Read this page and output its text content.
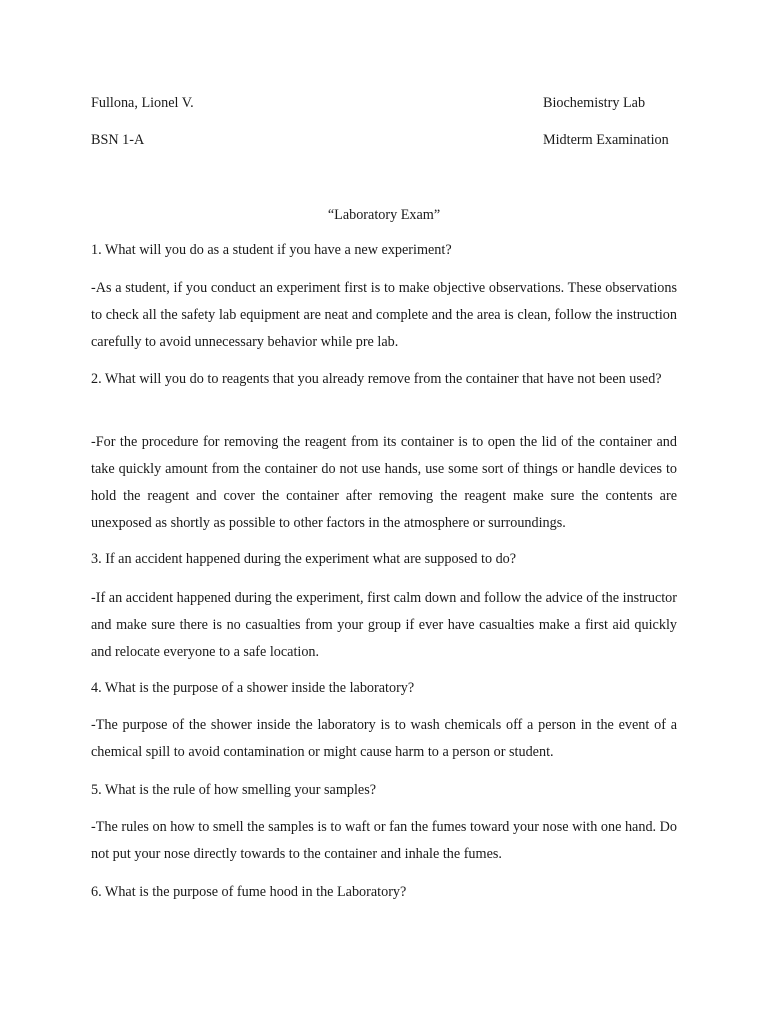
Fullona, Lionel V.	Biochemistry Lab
BSN 1-A	Midterm Examination
“Laboratory Exam”

1. What will you do as a student if you have a new experiment?

-As a student, if you conduct an experiment first is to make objective observations. These observations to check all the safety lab equipment are neat and complete and the area is clean, follow the instruction carefully to avoid unnecessary behavior while pre lab.

2. What will you do to reagents that you already remove from the container that have not been used?

-For the procedure for removing the reagent from its container is to open the lid of the container and take quickly amount from the container do not use hands, use some sort of things or handle devices to hold the reagent and cover the container after removing the reagent make sure the contents are unexposed as shortly as possible to other factors in the atmosphere or surroundings.

3. If an accident happened during the experiment what are supposed to do?

-If an accident happened during the experiment, first calm down and follow the advice of the instructor and make sure there is no casualties from your group if ever have casualties make a first aid quickly and relocate everyone to a safe location.

4. What is the purpose of a shower inside the laboratory?

-The purpose of the shower inside the laboratory is to wash chemicals off a person in the event of a chemical spill to avoid contamination or might cause harm to a person or student.

5. What is the rule of how smelling your samples?

-The rules on how to smell the samples is to waft or fan the fumes toward your nose with one hand. Do not put your nose directly towards to the container and inhale the fumes.

6. What is the purpose of fume hood in the Laboratory?
